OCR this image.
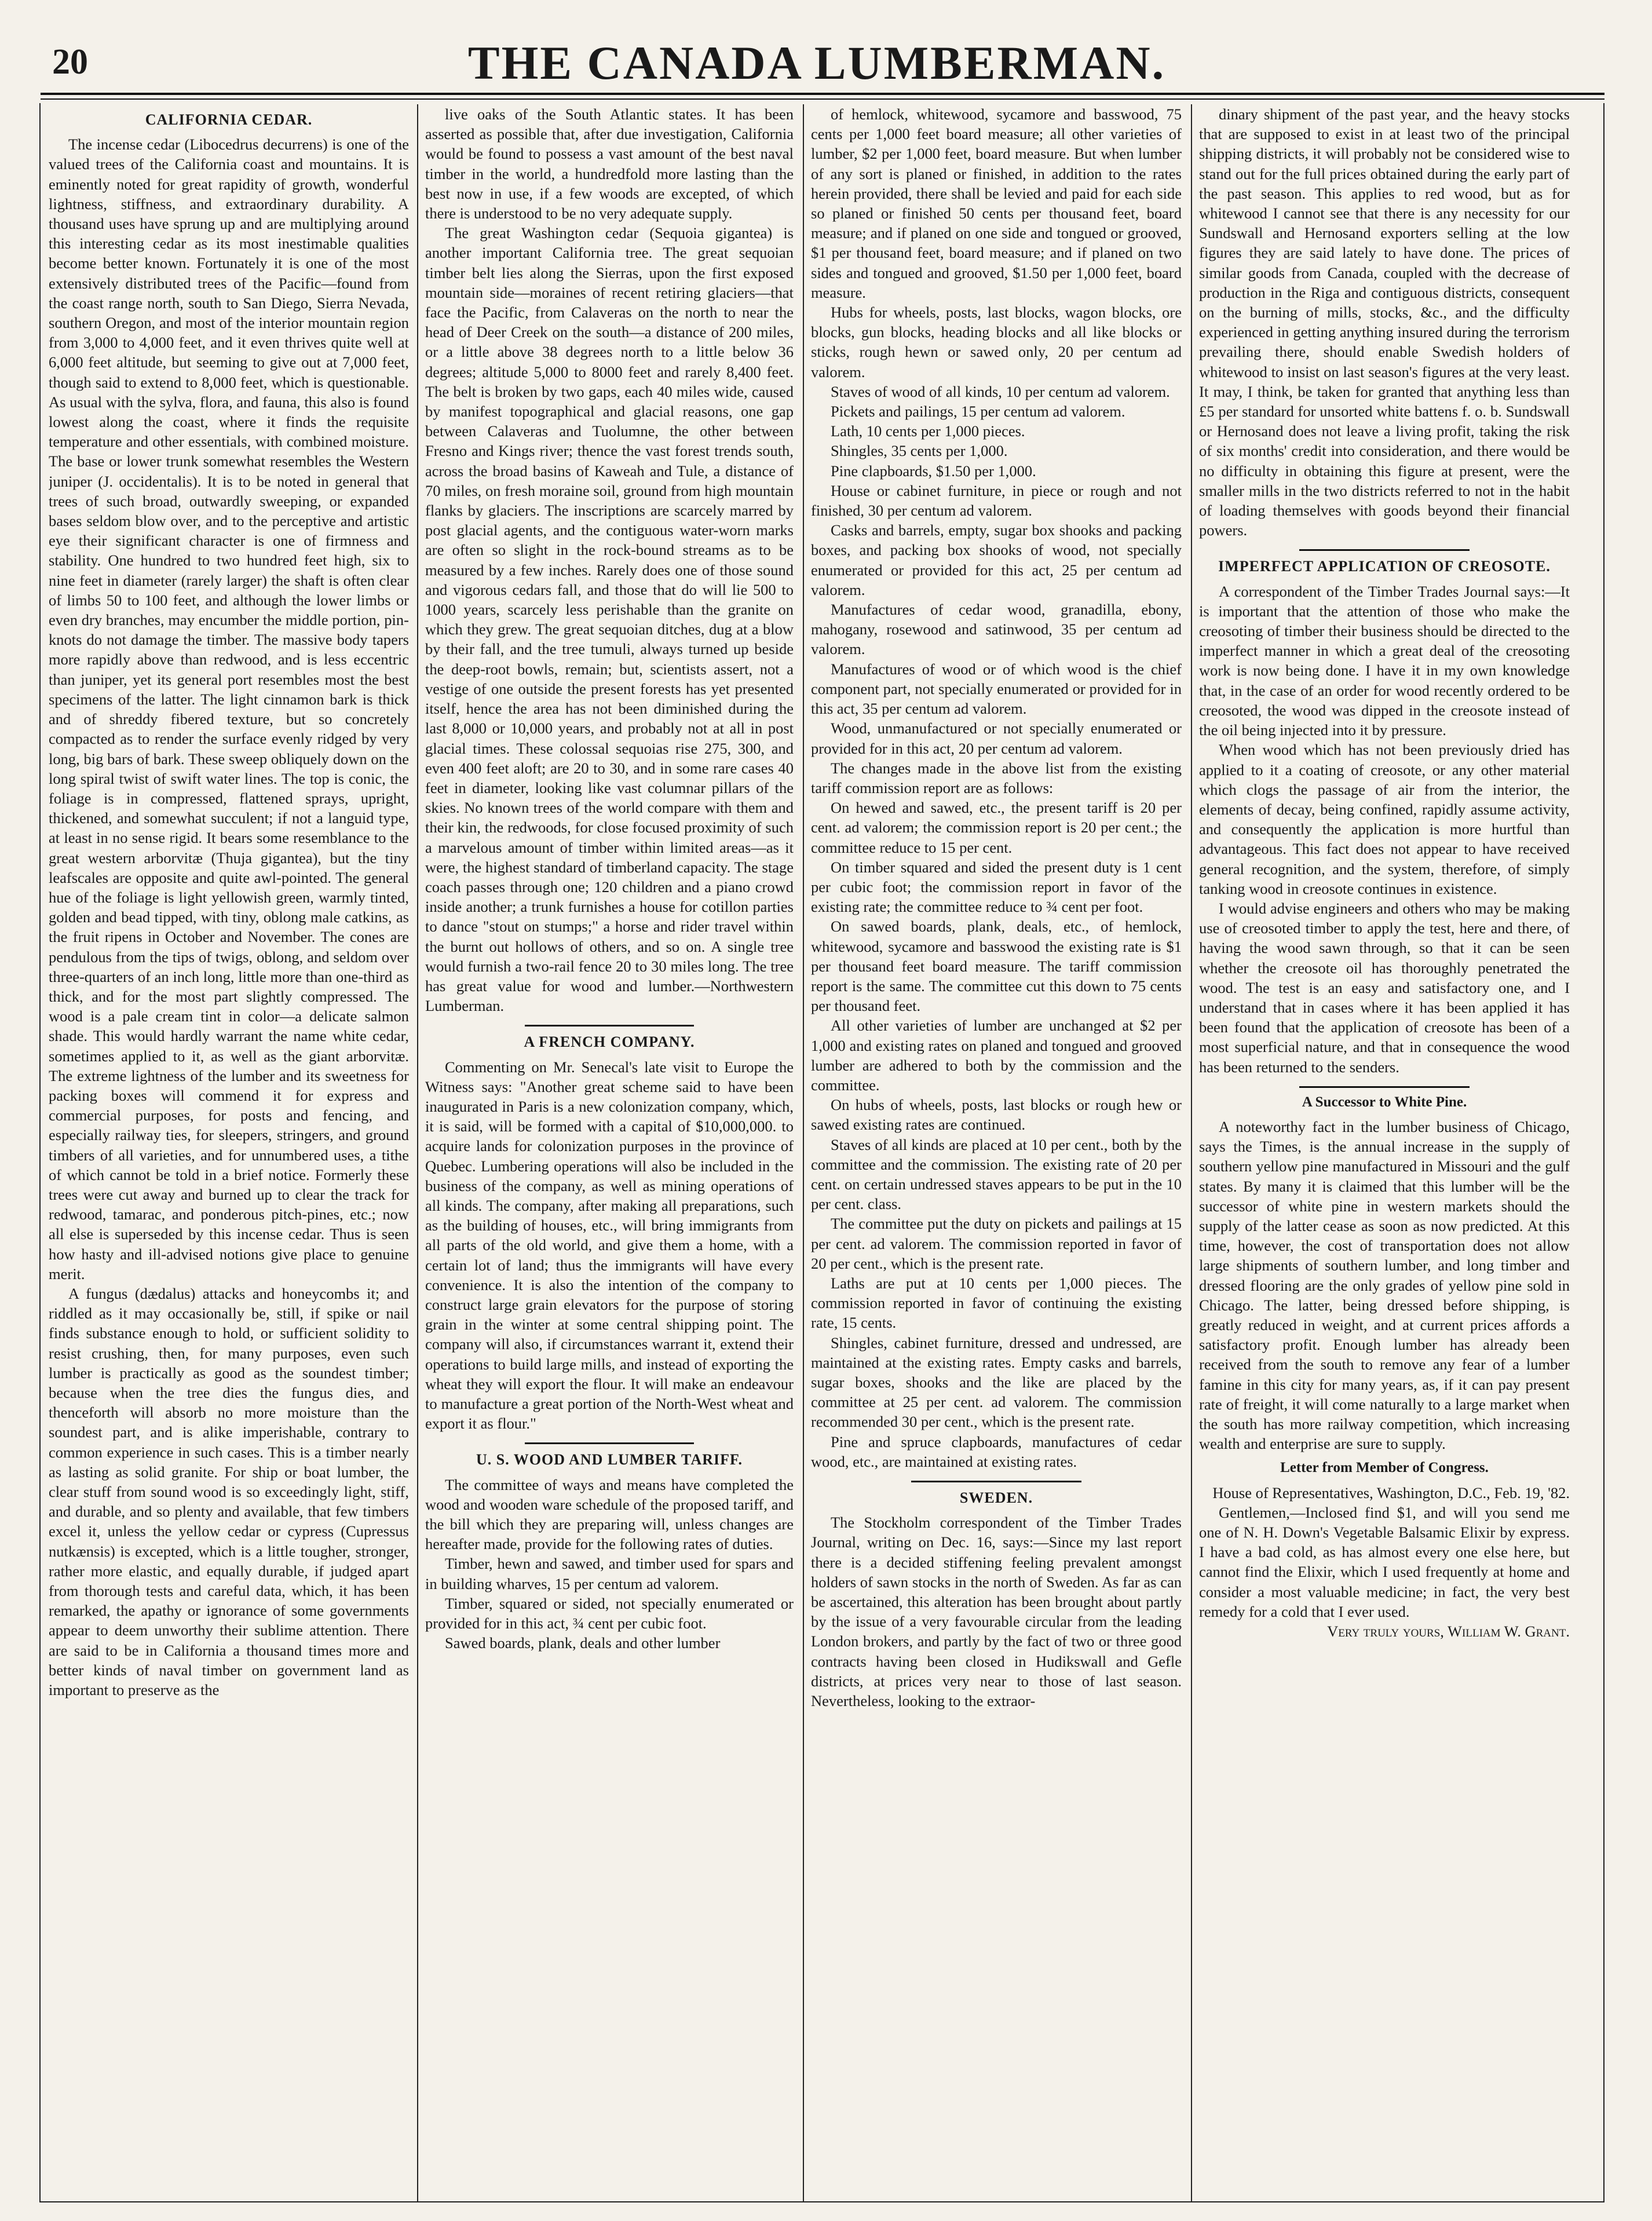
20	THE CANADA LUMBERMAN.
CALIFORNIA CEDAR.

The incense cedar (Libocedrus decurrens) is one of the valued trees of the California coast and mountains. It is eminently noted for great rapidity of growth, wonderful lightness, stiffness, and extraordinary durability. A thousand uses have sprung up and are multiplying around this interesting cedar as its most inestimable qualities become better known. Fortunately it is one of the most extensively distributed trees of the Pacific—found from the coast range north, south to San Diego, Sierra Nevada, southern Oregon, and most of the interior mountain region from 3,000 to 4,000 feet, and it even thrives quite well at 6,000 feet altitude, but seeming to give out at 7,000 feet, though said to extend to 8,000 feet, which is questionable. As usual with the sylva, flora, and fauna, this also is found lowest along the coast, where it finds the requisite temperature and other essentials, with combined moisture. The base or lower trunk somewhat resembles the Western juniper (J. occidentalis). It is to be noted in general that trees of such broad, outwardly sweeping, or expanded bases seldom blow over, and to the perceptive and artistic eye their significant character is one of firmness and stability. One hundred to two hundred feet high, six to nine feet in diameter (rarely larger) the shaft is often clear of limbs 50 to 100 feet, and although the lower limbs or even dry branches, may encumber the middle portion, pin-knots do not damage the timber. The massive body tapers more rapidly above than redwood, and is less eccentric than juniper, yet its general port resembles most the best specimens of the latter. The light cinnamon bark is thick and of shreddy fibered texture, but so concretely compacted as to render the surface evenly ridged by very long, big bars of bark. These sweep obliquely down on the long spiral twist of swift water lines. The top is conic, the foliage is in compressed, flattened sprays, upright, thickened, and somewhat succulent; if not a languid type, at least in no sense rigid. It bears some resemblance to the great western arborvitæ (Thuja gigantea), but the tiny leafscales are opposite and quite awl-pointed. The general hue of the foliage is light yellowish green, warmly tinted, golden and bead tipped, with tiny, oblong male catkins, as the fruit ripens in October and November. The cones are pendulous from the tips of twigs, oblong, and seldom over three-quarters of an inch long, little more than one-third as thick, and for the most part slightly compressed. The wood is a pale cream tint in color—a delicate salmon shade. This would hardly warrant the name white cedar, sometimes applied to it, as well as the giant arborvitæ. The extreme lightness of the lumber and its sweetness for packing boxes will commend it for express and commercial purposes, for posts and fencing, and especially railway ties, for sleepers, stringers, and ground timbers of all varieties, and for unnumbered uses, a tithe of which cannot be told in a brief notice. Formerly these trees were cut away and burned up to clear the track for redwood, tamarac, and ponderous pitch-pines, etc.; now all else is superseded by this incense cedar. Thus is seen how hasty and ill-advised notions give place to genuine merit.

A fungus (dædalus) attacks and honeycombs it; and riddled as it may occasionally be, still, if spike or nail finds substance enough to hold, or sufficient solidity to resist crushing, then, for many purposes, even such lumber is practically as good as the soundest timber; because when the tree dies the fungus dies, and thenceforth will absorb no more moisture than the soundest part, and is alike imperishable, contrary to common experience in such cases. This is a timber nearly as lasting as solid granite. For ship or boat lumber, the clear stuff from sound wood is so exceedingly light, stiff, and durable, and so plenty and available, that few timbers excel it, unless the yellow cedar or cypress (Cupressus nutkænsis) is excepted, which is a little tougher, stronger, rather more elastic, and equally durable, if judged apart from thorough tests and careful data, which, it has been remarked, the apathy or ignorance of some governments appear to deem unworthy their sublime attention. There are said to be in California a thousand times more and better kinds of naval timber on government land as important to preserve as the

live oaks of the South Atlantic states. It has been asserted as possible that, after due investigation, California would be found to possess a vast amount of the best naval timber in the world, a hundredfold more lasting than the best now in use, if a few woods are excepted, of which there is understood to be no very adequate supply.

The great Washington cedar (Sequoia gigantea) is another important California tree. The great sequoian timber belt lies along the Sierras, upon the first exposed mountain side—moraines of recent retiring glaciers—that face the Pacific, from Calaveras on the north to near the head of Deer Creek on the south—a distance of 200 miles, or a little above 38 degrees north to a little below 36 degrees; altitude 5,000 to 8000 feet and rarely 8,400 feet. The belt is broken by two gaps, each 40 miles wide, caused by manifest topographical and glacial reasons, one gap between Calaveras and Tuolumne, the other between Fresno and Kings river; thence the vast forest trends south, across the broad basins of Kaweah and Tule, a distance of 70 miles, on fresh moraine soil, ground from high mountain flanks by glaciers. The inscriptions are scarcely marred by post glacial agents, and the contiguous water-worn marks are often so slight in the rock-bound streams as to be measured by a few inches. Rarely does one of those sound and vigorous cedars fall, and those that do will lie 500 to 1000 years, scarcely less perishable than the granite on which they grew. The great sequoian ditches, dug at a blow by their fall, and the tree tumuli, always turned up beside the deep-root bowls, remain; but, scientists assert, not a vestige of one outside the present forests has yet presented itself, hence the area has not been diminished during the last 8,000 or 10,000 years, and probably not at all in post glacial times. These colossal sequoias rise 275, 300, and even 400 feet aloft; are 20 to 30, and in some rare cases 40 feet in diameter, looking like vast columnar pillars of the skies. No known trees of the world compare with them and their kin, the redwoods, for close focused proximity of such a marvelous amount of timber within limited areas—as it were, the highest standard of timberland capacity. The stage coach passes through one; 120 children and a piano crowd inside another; a trunk furnishes a house for cotillon parties to dance "stout on stumps;" a horse and rider travel within the burnt out hollows of others, and so on. A single tree would furnish a two-rail fence 20 to 30 miles long. The tree has great value for wood and lumber.—Northwestern Lumberman.

A FRENCH COMPANY.

Commenting on Mr. Senecal's late visit to Europe the Witness says: "Another great scheme said to have been inaugurated in Paris is a new colonization company, which, it is said, will be formed with a capital of $10,000,000. to acquire lands for colonization purposes in the province of Quebec. Lumbering operations will also be included in the business of the company, as well as mining operations of all kinds. The company, after making all preparations, such as the building of houses, etc., will bring immigrants from all parts of the old world, and give them a home, with a certain lot of land; thus the immigrants will have every convenience. It is also the intention of the company to construct large grain elevators for the purpose of storing grain in the winter at some central shipping point. The company will also, if circumstances warrant it, extend their operations to build large mills, and instead of exporting the wheat they will export the flour. It will make an endeavour to manufacture a great portion of the North-West wheat and export it as flour."

U. S. WOOD AND LUMBER TARIFF.

The committee of ways and means have completed the wood and wooden ware schedule of the proposed tariff, and the bill which they are preparing will, unless changes are hereafter made, provide for the following rates of duties.

Timber, hewn and sawed, and timber used for spars and in building wharves, 15 per centum ad valorem.

Timber, squared or sided, not specially enumerated or provided for in this act, ¾ cent per cubic foot.

Sawed boards, plank, deals and other lumber

of hemlock, whitewood, sycamore and basswood, 75 cents per 1,000 feet board measure; all other varieties of lumber, $2 per 1,000 feet, board measure. But when lumber of any sort is planed or finished, in addition to the rates herein provided, there shall be levied and paid for each side so planed or finished 50 cents per thousand feet, board measure; and if planed on one side and tongued or grooved, $1 per thousand feet, board measure; and if planed on two sides and tongued and grooved, $1.50 per 1,000 feet, board measure.

Hubs for wheels, posts, last blocks, wagon blocks, ore blocks, gun blocks, heading blocks and all like blocks or sticks, rough hewn or sawed only, 20 per centum ad valorem.

Staves of wood of all kinds, 10 per centum ad valorem.

Pickets and pailings, 15 per centum ad valorem.

Lath, 10 cents per 1,000 pieces.

Shingles, 35 cents per 1,000.

Pine clapboards, $1.50 per 1,000.

House or cabinet furniture, in piece or rough and not finished, 30 per centum ad valorem.

Casks and barrels, empty, sugar box shooks and packing boxes, and packing box shooks of wood, not specially enumerated or provided for this act, 25 per centum ad valorem.

Manufactures of cedar wood, granadilla, ebony, mahogany, rosewood and satinwood, 35 per centum ad valorem.

Manufactures of wood or of which wood is the chief component part, not specially enumerated or provided for in this act, 35 per centum ad valorem.

Wood, unmanufactured or not specially enumerated or provided for in this act, 20 per centum ad valorem.

The changes made in the above list from the existing tariff commission report are as follows:

On hewed and sawed, etc., the present tariff is 20 per cent. ad valorem; the commission report is 20 per cent.; the committee reduce to 15 per cent.

On timber squared and sided the present duty is 1 cent per cubic foot; the commission report in favor of the existing rate; the committee reduce to ¾ cent per foot.

On sawed boards, plank, deals, etc., of hemlock, whitewood, sycamore and basswood the existing rate is $1 per thousand feet board measure. The tariff commission report is the same. The committee cut this down to 75 cents per thousand feet.

All other varieties of lumber are unchanged at $2 per 1,000 and existing rates on planed and tongued and grooved lumber are adhered to both by the commission and the committee.

On hubs of wheels, posts, last blocks or rough hew or sawed existing rates are continued.

Staves of all kinds are placed at 10 per cent., both by the committee and the commission. The existing rate of 20 per cent. on certain undressed staves appears to be put in the 10 per cent. class.

The committee put the duty on pickets and pailings at 15 per cent. ad valorem. The commission reported in favor of 20 per cent., which is the present rate.

Laths are put at 10 cents per 1,000 pieces. The commission reported in favor of continuing the existing rate, 15 cents.

Shingles, cabinet furniture, dressed and undressed, are maintained at the existing rates. Empty casks and barrels, sugar boxes, shooks and the like are placed by the committee at 25 per cent. ad valorem. The commission recommended 30 per cent., which is the present rate.

Pine and spruce clapboards, manufactures of cedar wood, etc., are maintained at existing rates.

SWEDEN.

The Stockholm correspondent of the Timber Trades Journal, writing on Dec. 16, says:—Since my last report there is a decided stiffening feeling prevalent amongst holders of sawn stocks in the north of Sweden. As far as can be ascertained, this alteration has been brought about partly by the issue of a very favourable circular from the leading London brokers, and partly by the fact of two or three good contracts having been closed in Hudikswall and Gefle districts, at prices very near to those of last season. Nevertheless, looking to the extraor-

dinary shipment of the past year, and the heavy stocks that are supposed to exist in at least two of the principal shipping districts, it will probably not be considered wise to stand out for the full prices obtained during the early part of the past season. This applies to red wood, but as for whitewood I cannot see that there is any necessity for our Sundswall and Hernosand exporters selling at the low figures they are said lately to have done. The prices of similar goods from Canada, coupled with the decrease of production in the Riga and contiguous districts, consequent on the burning of mills, stocks, &c., and the difficulty experienced in getting anything insured during the terrorism prevailing there, should enable Swedish holders of whitewood to insist on last season's figures at the very least. It may, I think, be taken for granted that anything less than £5 per standard for unsorted white battens f. o. b. Sundswall or Hernosand does not leave a living profit, taking the risk of six months' credit into consideration, and there would be no difficulty in obtaining this figure at present, were the smaller mills in the two districts referred to not in the habit of loading themselves with goods beyond their financial powers.

IMPERFECT APPLICATION OF CREOSOTE.

A correspondent of the Timber Trades Journal says:—It is important that the attention of those who make the creosoting of timber their business should be directed to the imperfect manner in which a great deal of the creosoting work is now being done. I have it in my own knowledge that, in the case of an order for wood recently ordered to be creosoted, the wood was dipped in the creosote instead of the oil being injected into it by pressure.

When wood which has not been previously dried has applied to it a coating of creosote, or any other material which clogs the passage of air from the interior, the elements of decay, being confined, rapidly assume activity, and consequently the application is more hurtful than advantageous. This fact does not appear to have received general recognition, and the system, therefore, of simply tanking wood in creosote continues in existence.

I would advise engineers and others who may be making use of creosoted timber to apply the test, here and there, of having the wood sawn through, so that it can be seen whether the creosote oil has thoroughly penetrated the wood. The test is an easy and satisfactory one, and I understand that in cases where it has been applied it has been found that the application of creosote has been of a most superficial nature, and that in consequence the wood has been returned to the senders.

A Successor to White Pine.

A noteworthy fact in the lumber business of Chicago, says the Times, is the annual increase in the supply of southern yellow pine manufactured in Missouri and the gulf states. By many it is claimed that this lumber will be the successor of white pine in western markets should the supply of the latter cease as soon as now predicted. At this time, however, the cost of transportation does not allow large shipments of southern lumber, and long timber and dressed flooring are the only grades of yellow pine sold in Chicago. The latter, being dressed before shipping, is greatly reduced in weight, and at current prices affords a satisfactory profit. Enough lumber has already been received from the south to remove any fear of a lumber famine in this city for many years, as, if it can pay present rate of freight, it will come naturally to a large market when the south has more railway competition, which increasing wealth and enterprise are sure to supply.

Letter from Member of Congress.

House of Representatives, Washington, D.C., Feb. 19, '82.

Gentlemen,—Inclosed find $1, and will you send me one of N. H. Down's Vegetable Balsamic Elixir by express. I have a bad cold, as has almost every one else here, but cannot find the Elixir, which I used frequently at home and consider a most valuable medicine; in fact, the very best remedy for a cold that I ever used.

Very truly yours, William W. Grant.
